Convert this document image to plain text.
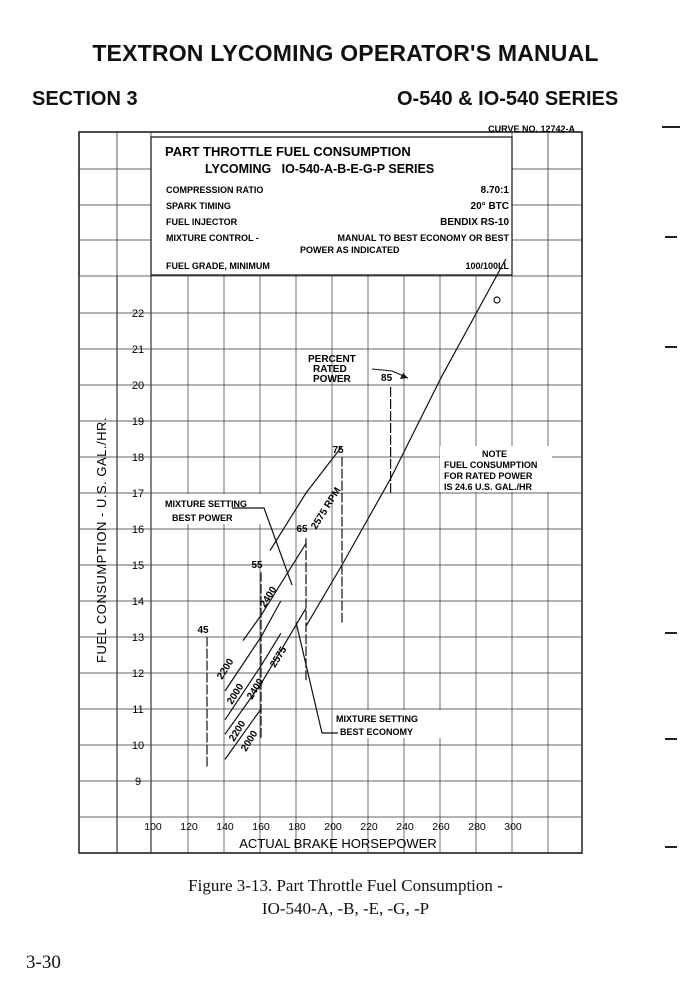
TEXTRON LYCOMING OPERATOR'S MANUAL
SECTION 3	O-540 & IO-540 SERIES
CURVE NO. 12742-A
PART THROTTLE FUEL CONSUMPTION
LYCOMING   IO-540-A-B-E-G-P SERIES
COMPRESSION RATIO	8.70:1
SPARK TIMING	20° BTC
FUEL INJECTOR	BENDIX RS-10
MIXTURE CONTROL -	MANUAL TO BEST ECONOMY OR BEST
POWER AS INDICATED
FUEL GRADE, MINIMUM	100/100LL
9
10
11
12
13
14
15
16
17
18
19
20
21
22
100 120 140 160 180 200 220 240 260 280 300
45
55
65
75
85
ACTUAL BRAKE HORSEPOWER
FUEL CONSUMPTION - U.S. GAL./HR.
PERCENT
RATED
POWER
NOTE
FUEL CONSUMPTION
FOR RATED POWER
IS 24.6 U.S. GAL./HR
MIXTURE SETTING
BEST POWER
MIXTURE SETTING
BEST ECONOMY
2575 RPM
2400
2200
2000
2575
2400
2200
2000
Figure 3-13. Part Throttle Fuel Consumption -
IO-540-A, -B, -E, -G, -P
3-30
